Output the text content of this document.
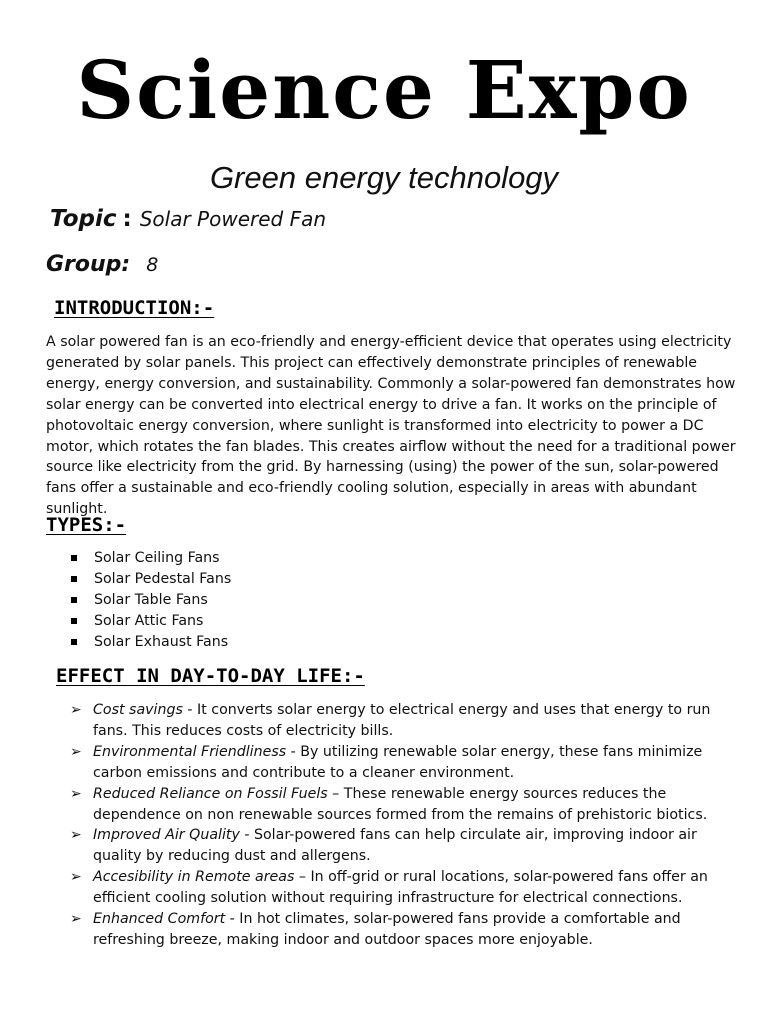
Science Expo
Green energy technology
Topic : Solar Powered Fan
Group: 8
INTRODUCTION:-
A solar powered fan is an eco-friendly and energy-efficient device that operates using electricity generated by solar panels. This project can effectively demonstrate principles of renewable energy, energy conversion, and sustainability. Commonly a solar-powered fan demonstrates how solar energy can be converted into electrical energy to drive a fan. It works on the principle of photovoltaic energy conversion, where sunlight is transformed into electricity to power a DC motor, which rotates the fan blades. This creates airflow without the need for a traditional power source like electricity from the grid. By harnessing (using) the power of the sun, solar-powered fans offer a sustainable and eco-friendly cooling solution, especially in areas with abundant sunlight.
TYPES:-
Solar Ceiling Fans
Solar Pedestal Fans
Solar Table Fans
Solar Attic Fans
Solar Exhaust Fans
EFFECT IN DAY-TO-DAY LIFE:-
➢ Cost savings - It converts solar energy to electrical energy and uses that energy to run fans. This reduces costs of electricity bills.
➢ Environmental Friendliness - By utilizing renewable solar energy, these fans minimize carbon emissions and contribute to a cleaner environment.
➢ Reduced Reliance on Fossil Fuels – These renewable energy sources reduces the dependence on non renewable sources formed from the remains of prehistoric biotics.
➢ Improved Air Quality - Solar-powered fans can help circulate air, improving indoor air quality by reducing dust and allergens.
➢ Accesibility in Remote areas – In off-grid or rural locations, solar-powered fans offer an efficient cooling solution without requiring infrastructure for electrical connections.
➢ Enhanced Comfort - In hot climates, solar-powered fans provide a comfortable and refreshing breeze, making indoor and outdoor spaces more enjoyable.
